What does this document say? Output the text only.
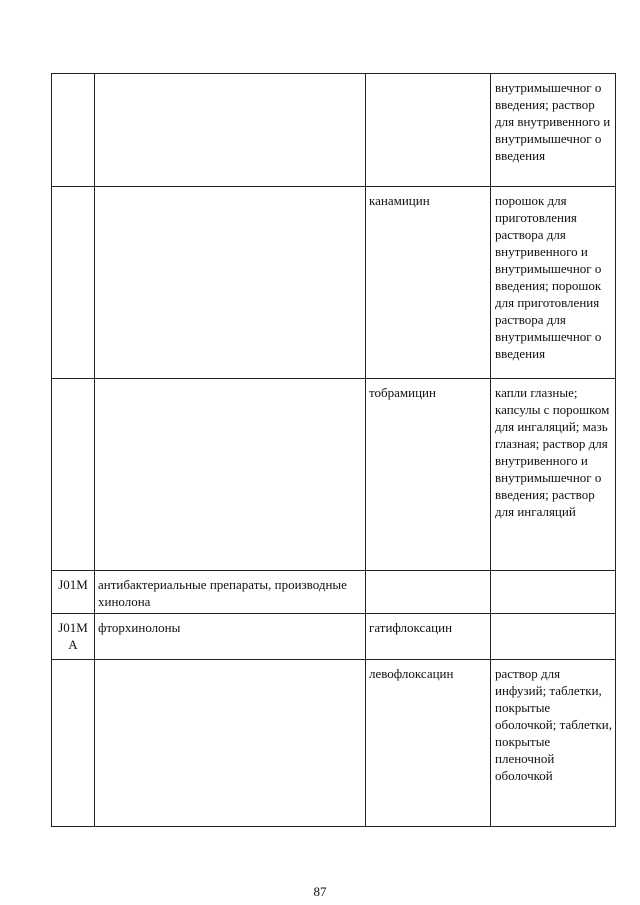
			внутримышечног о введения; раствор для внутривенного и внутримышечног о введения
		канамицин	порошок для приготовления раствора для внутривенного и внутримышечног о введения; порошок для приготовления раствора для внутримышечног о введения
		тобрамицин	капли глазные; капсулы с порошком для ингаляций; мазь глазная; раствор для внутривенного и внутримышечног о введения; раствор для ингаляций
J01M	антибактериальные препараты, производные хинолона		
J01M A	фторхинолоны	гатифлоксацин	
		левофлоксацин	раствор для инфузий; таблетки, покрытые оболочкой; таблетки, покрытые пленочной оболочкой
87
